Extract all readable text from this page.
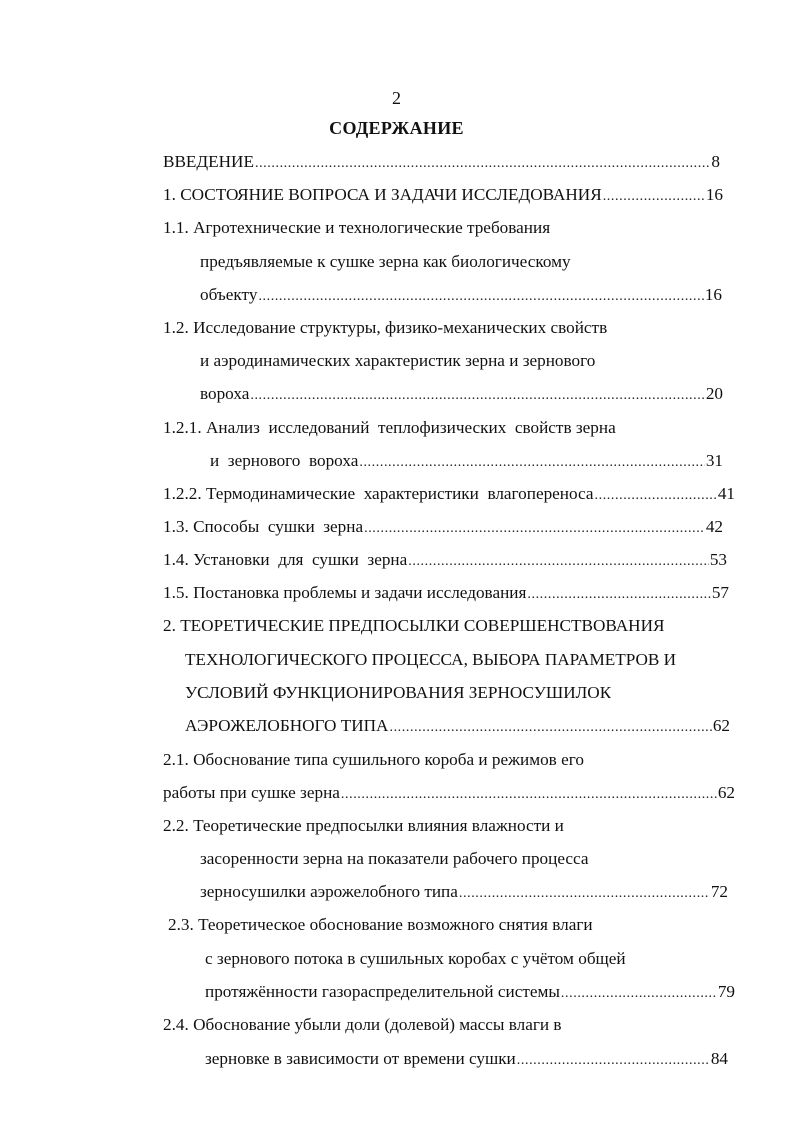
2
СОДЕРЖАНИЕ
ВВЕДЕНИЕ .....	8
1. СОСТОЯНИЕ ВОПРОСА И ЗАДАЧИ ИССЛЕДОВАНИЯ .....	16
1.1. Агротехнические и технологические требования
предъявляемые к сушке зерна как биологическому
объекту .....	16
1.2. Исследование структуры, физико-механических свойств
и аэродинамических характеристик зерна и зернового
вороха .....	20
1.2.1. Анализ  исследований  теплофизических  свойств зерна
и  зернового  вороха .....	31
1.2.2. Термодинамические  характеристики  влагопереноса .....	41
1.3. Способы  сушки  зерна .....	42
1.4. Установки  для  сушки  зерна .....	53
1.5. Постановка проблемы и задачи исследования .....	57
2. ТЕОРЕТИЧЕСКИЕ ПРЕДПОСЫЛКИ СОВЕРШЕНСТВОВАНИЯ
ТЕХНОЛОГИЧЕСКОГО ПРОЦЕССА, ВЫБОРА ПАРАМЕТРОВ И
УСЛОВИЙ ФУНКЦИОНИРОВАНИЯ ЗЕРНОСУШИЛОК
АЭРОЖЕЛОБНОГО ТИПА .....	62
2.1. Обоснование типа сушильного короба и режимов его
работы при сушке зерна .....	62
2.2. Теоретические предпосылки влияния влажности и
засоренности зерна на показатели рабочего процесса
зерносушилки аэрожелобного типа .....	72
2.3. Теоретическое обоснование возможного снятия влаги
с зернового потока в сушильных коробах с учётом общей
протяжённости газораспределительной системы .....	79
2.4. Обоснование убыли доли (долевой) массы влаги в
зерновке в зависимости от времени сушки .....	84
